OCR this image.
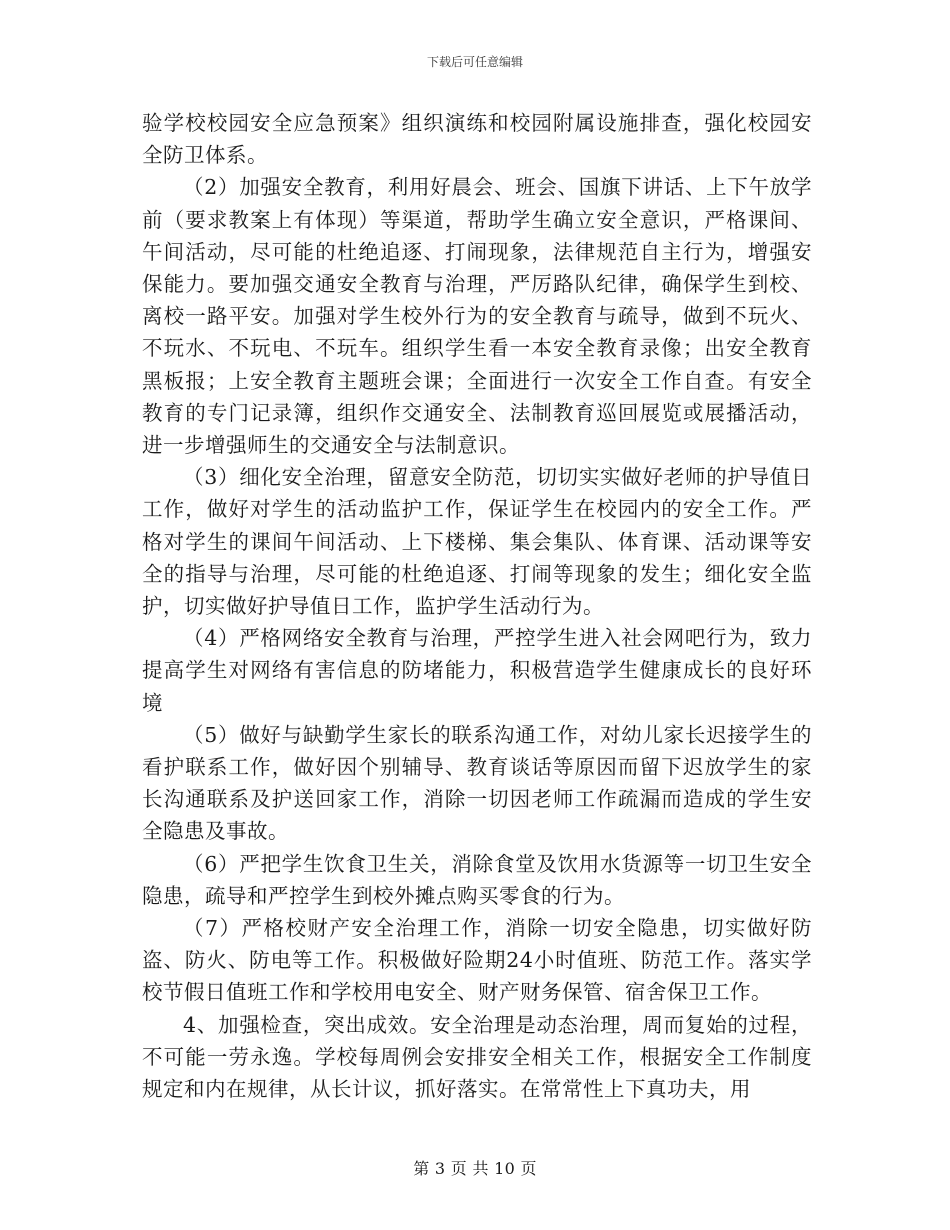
下载后可任意编辑

验学校校园安全应急预案》组织演练和校园附属设施排查，强化校园安全防卫体系。

（2）加强安全教育，利用好晨会、班会、国旗下讲话、上下午放学前（要求教案上有体现）等渠道，帮助学生确立安全意识，严格课间、午间活动，尽可能的杜绝追逐、打闹现象，法律规范自主行为，增强安保能力。要加强交通安全教育与治理，严厉路队纪律，确保学生到校、离校一路平安。加强对学生校外行为的安全教育与疏导，做到不玩火、不玩水、不玩电、不玩车。组织学生看一本安全教育录像；出安全教育黑板报；上安全教育主题班会课；全面进行一次安全工作自查。有安全教育的专门记录簿，组织作交通安全、法制教育巡回展览或展播活动，进一步增强师生的交通安全与法制意识。

（3）细化安全治理，留意安全防范，切切实实做好老师的护导值日工作，做好对学生的活动监护工作，保证学生在校园内的安全工作。严格对学生的课间午间活动、上下楼梯、集会集队、体育课、活动课等安全的指导与治理，尽可能的杜绝追逐、打闹等现象的发生；细化安全监护，切实做好护导值日工作，监护学生活动行为。

（4）严格网络安全教育与治理，严控学生进入社会网吧行为，致力提高学生对网络有害信息的防堵能力，积极营造学生健康成长的良好环境

（5）做好与缺勤学生家长的联系沟通工作，对幼儿家长迟接学生的看护联系工作，做好因个别辅导、教育谈话等原因而留下迟放学生的家长沟通联系及护送回家工作，消除一切因老师工作疏漏而造成的学生安全隐患及事故。

（6）严把学生饮食卫生关，消除食堂及饮用水货源等一切卫生安全隐患，疏导和严控学生到校外摊点购买零食的行为。

（7）严格校财产安全治理工作，消除一切安全隐患，切实做好防盗、防火、防电等工作。积极做好险期24小时值班、防范工作。落实学校节假日值班工作和学校用电安全、财产财务保管、宿舍保卫工作。

4、加强检查，突出成效。安全治理是动态治理，周而复始的过程，不可能一劳永逸。学校每周例会安排安全相关工作，根据安全工作制度规定和内在规律，从长计议，抓好落实。在常常性上下真功夫，用

第 3 页 共 10 页
